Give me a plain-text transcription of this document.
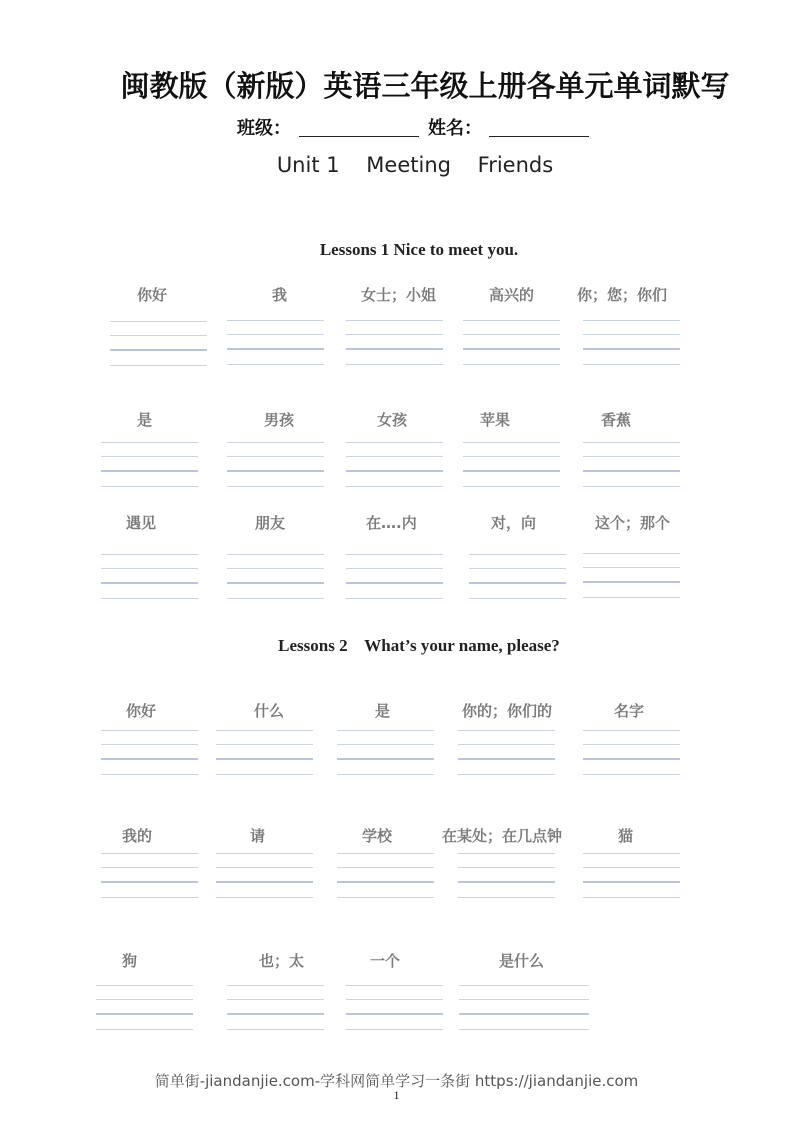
闽教版（新版）英语三年级上册各单元单词默写
班级：	姓名：
Unit 1    Meeting    Friends
Lessons 1 Nice to meet you.
你好	我	女士；小姐	高兴的	你；您；你们
是	男孩	女孩	苹果	香蕉
遇见	朋友	在….内	对，向	这个；那个
Lessons 2    What’s your name, please?
你好	什么	是	你的；你们的	名字
我的	请	学校	在某处；在几点钟	猫
狗	也；太	一个	是什么
简单街-jiandanjie.com-学科网简单学习一条街 https://jiandanjie.com
1
